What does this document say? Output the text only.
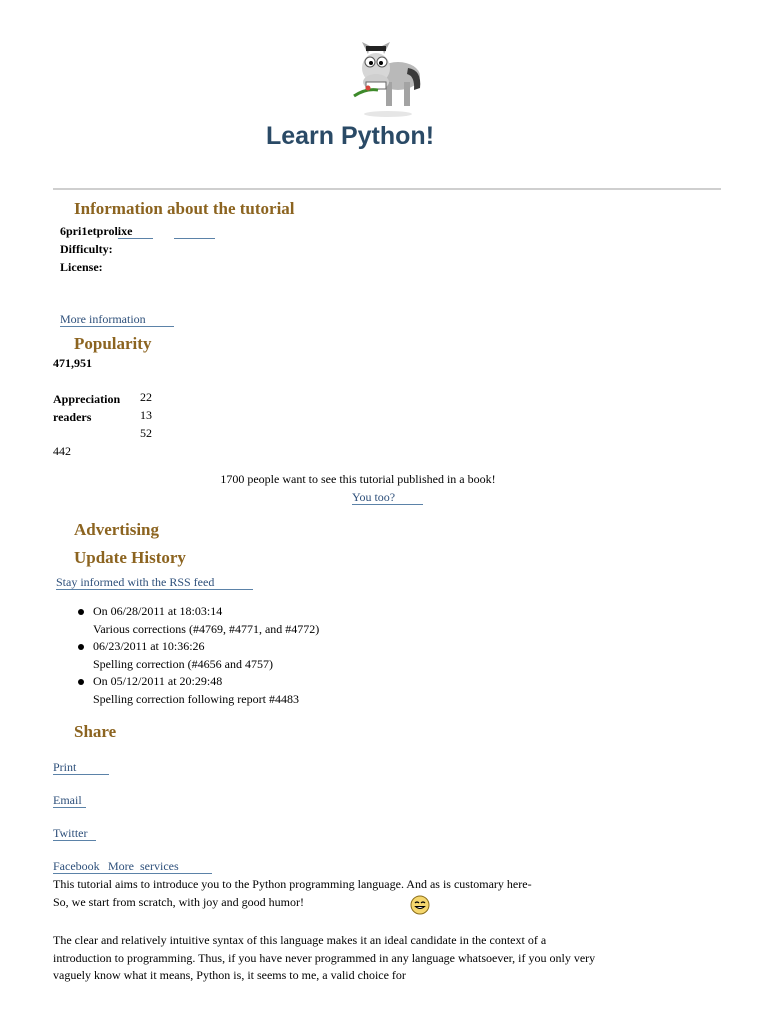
Learn Python!
Information about the tutorial
6pri1etprolixe
Difficulty:
License:
More information
Popularity
471,951
Appreciation 22
readers	13
52
442
1700 people want to see this tutorial published in a book!
You too?
Advertising
Update History
Stay informed with the RSS feed
On 06/28/2011 at 18:03:14
Various corrections (#4769, #4771, and #4772)
06/23/2011 at 10:36:26
Spelling correction (#4656 and 4757)
On 05/12/2011 at 20:29:48
Spelling correction following report #4483
Share
Print
Email
Twitter
Facebook More  services
This tutorial aims to introduce you to the Python programming language. And as is customary here-
So, we start from scratch, with joy and good humor!

The clear and relatively intuitive syntax of this language makes it an ideal candidate in the context of a introduction to programming. Thus, if you have never programmed in any language whatsoever, if you only very vaguely know what it means, Python is, it seems to me, a valid choice for
